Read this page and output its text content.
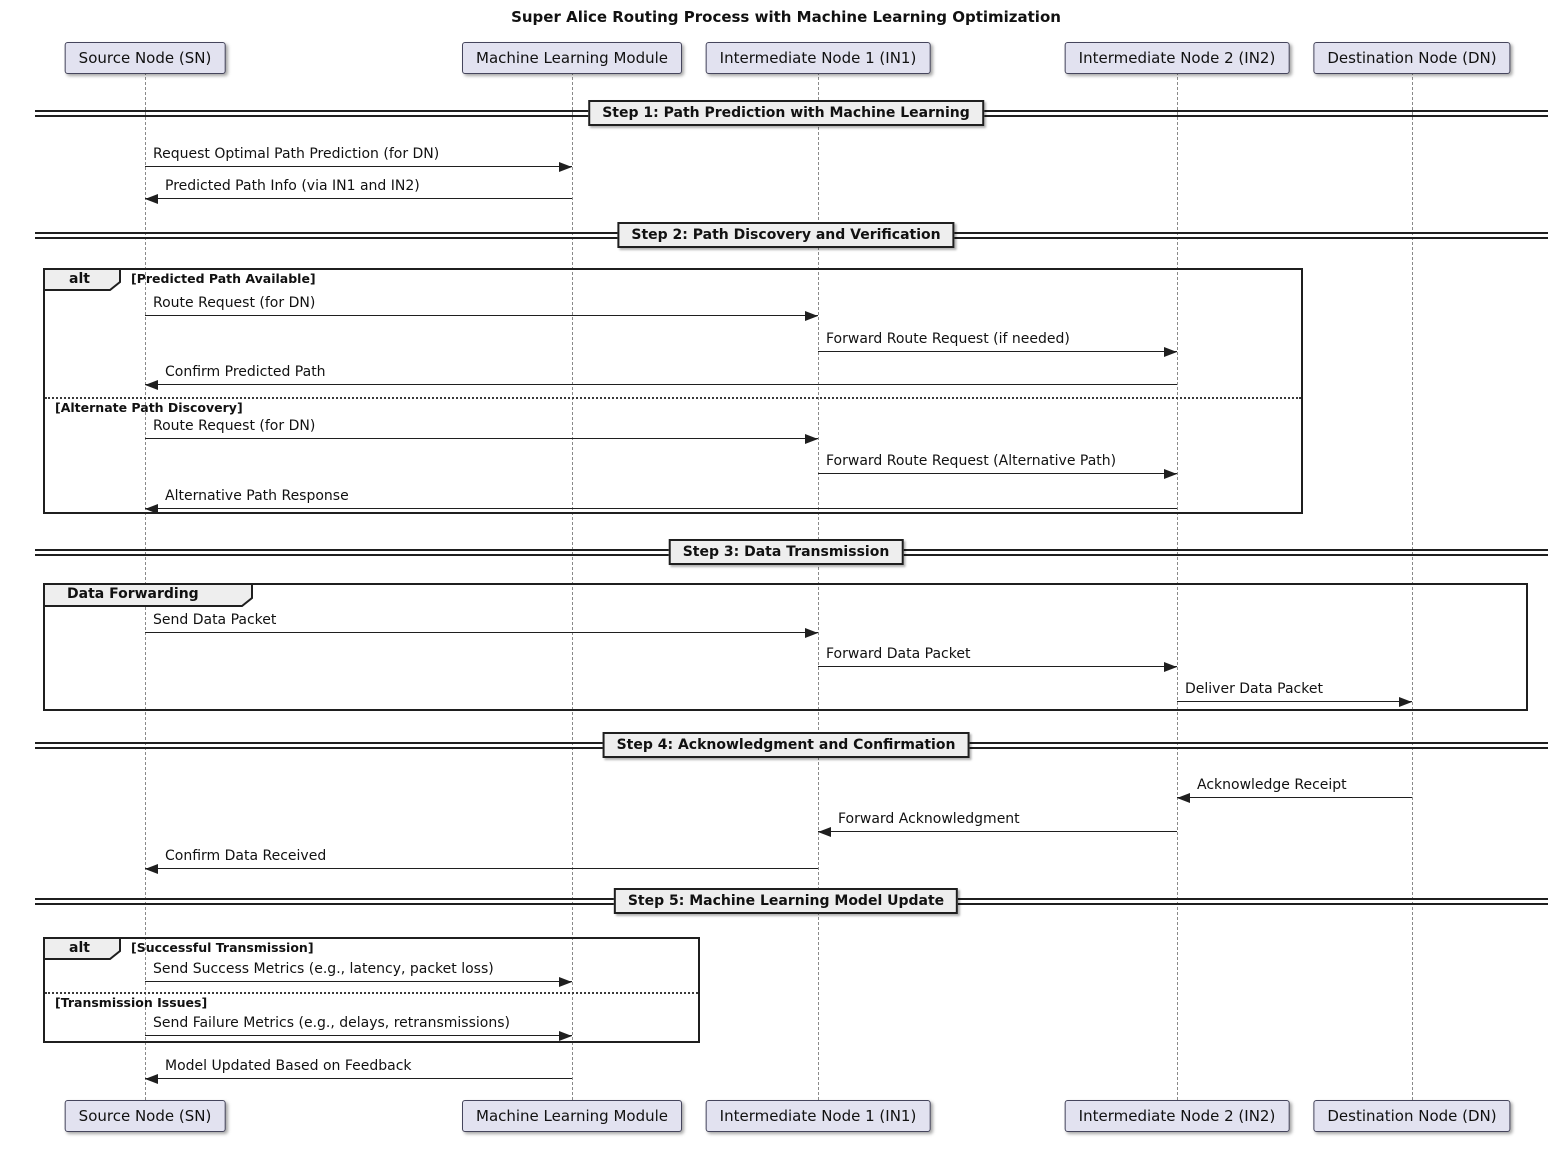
Super Alice Routing Process with Machine Learning Optimization
alt	[Predicted Path Available]
[Alternate Path Discovery]
Data Forwarding
alt	[Successful Transmission]
[Transmission Issues]
Step 1: Path Prediction with Machine Learning
Step 2: Path Discovery and Verification
Step 3: Data Transmission
Step 4: Acknowledgment and Confirmation
Step 5: Machine Learning Model Update
Request Optimal Path Prediction (for DN)
Predicted Path Info (via IN1 and IN2)
Route Request (for DN)
Forward Route Request (if needed)
Confirm Predicted Path
Route Request (for DN)
Forward Route Request (Alternative Path)
Alternative Path Response
Send Data Packet
Forward Data Packet
Deliver Data Packet
Acknowledge Receipt
Forward Acknowledgment
Confirm Data Received
Send Success Metrics (e.g., latency, packet loss)
Send Failure Metrics (e.g., delays, retransmissions)
Model Updated Based on Feedback
Source Node (SN)
Source Node (SN)
Machine Learning Module
Machine Learning Module
Intermediate Node 1 (IN1)
Intermediate Node 1 (IN1)
Intermediate Node 2 (IN2)
Intermediate Node 2 (IN2)
Destination Node (DN)
Destination Node (DN)
